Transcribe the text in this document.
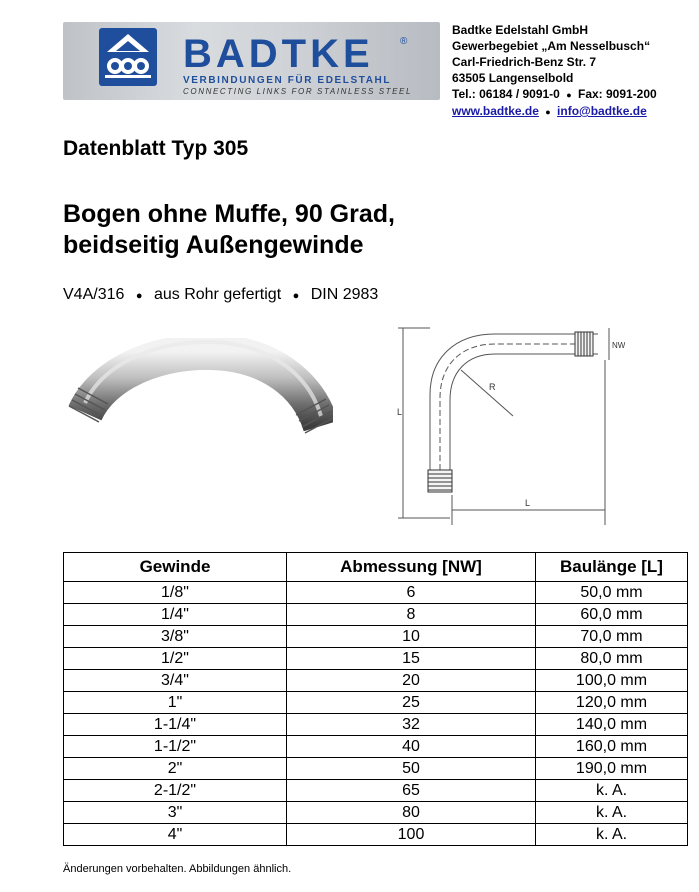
BADTKE	®
VERBINDUNGEN FÜR EDELSTAHL
CONNECTING LINKS FOR STAINLESS STEEL
Badtke Edelstahl GmbH
Gewerbegebiet „Am Nesselbusch“
Carl-Friedrich-Benz Str. 7
63505 Langenselbold
Tel.: 06184 / 9091-0 ● Fax: 9091-200
www.badtke.de ● info@badtke.de
Datenblatt Typ 305
Bogen ohne Muffe, 90 Grad,
beidseitig Außengewinde
V4A/316 ● aus Rohr gefertigt ● DIN 2983
L
L
R
NW
Gewinde	Abmessung [NW]	Baulänge [L]
1/8"	6	50,0 mm
1/4"	8	60,0 mm
3/8"	10	70,0 mm
1/2"	15	80,0 mm
3/4"	20	100,0 mm
1"	25	120,0 mm
1-1/4"	32	140,0 mm
1-1/2"	40	160,0 mm
2"	50	190,0 mm
2-1/2"	65	k. A.
3"	80	k. A.
4"	100	k. A.
Änderungen vorbehalten. Abbildungen ähnlich.
